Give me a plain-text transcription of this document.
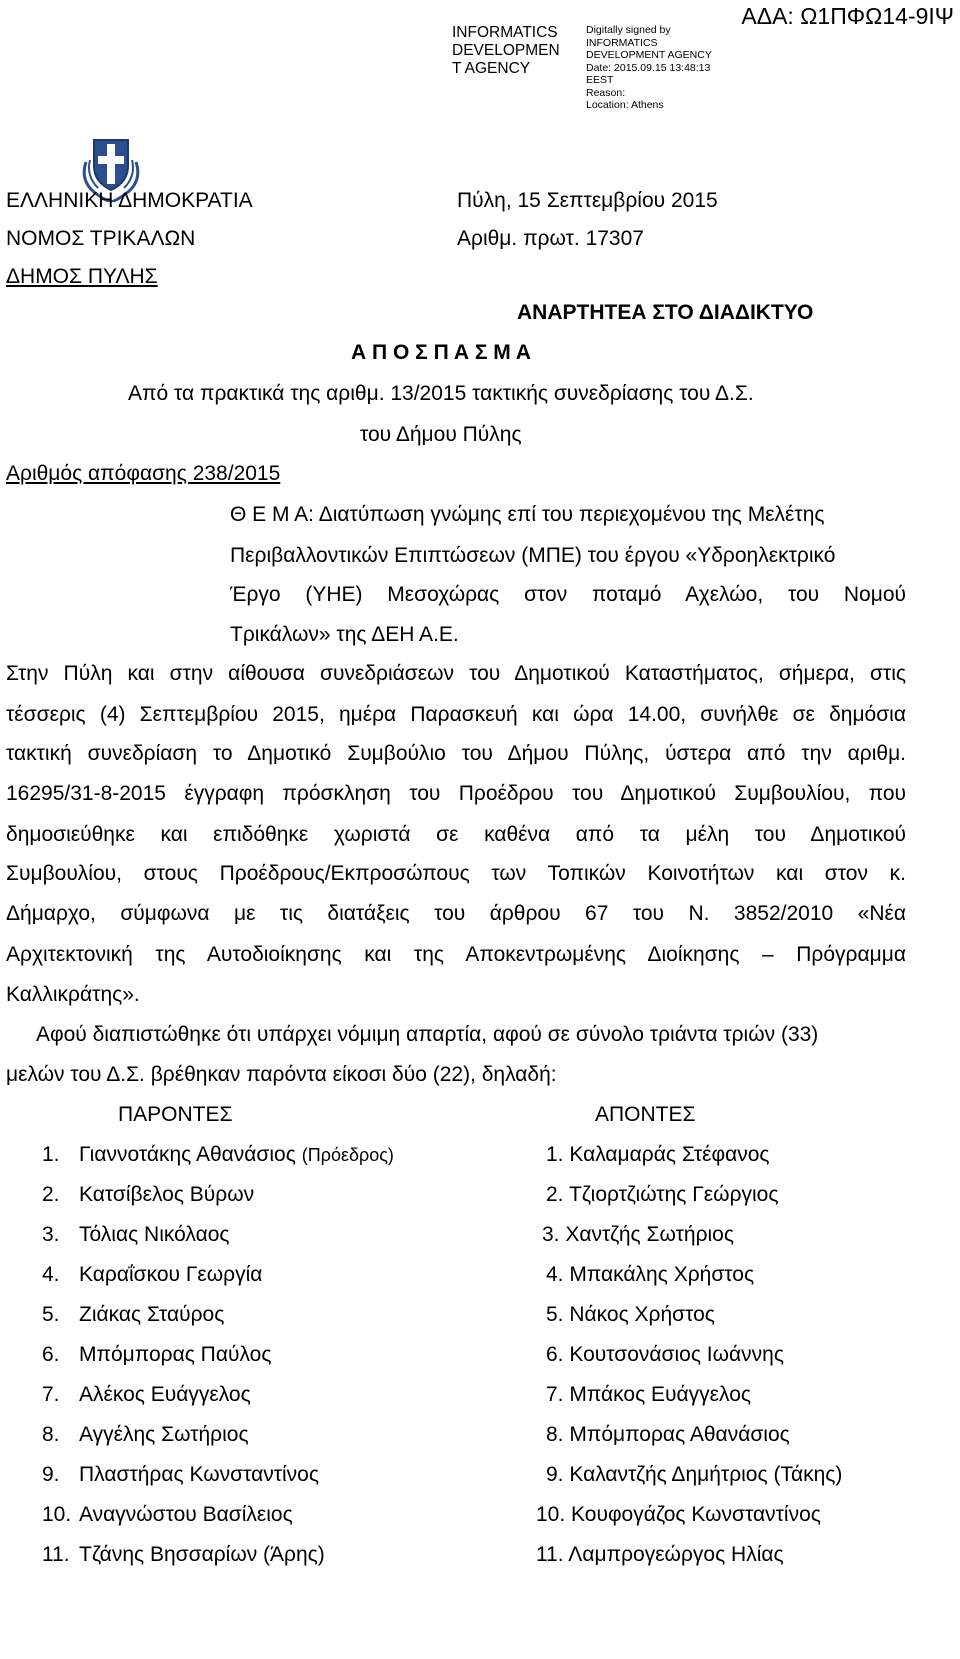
INFORMATICS
DEVELOPMEN
T AGENCY
Digitally signed by
INFORMATICS
DEVELOPMENT AGENCY
Date: 2015.09.15 13:48:13
EEST
Reason:
Location: Athens
ΑΔΑ: Ω1ΠΦΩ14-9ΙΨ
ΕΛΛΗΝΙΚΗ ΔΗΜΟΚΡΑΤΙΑ
ΝΟΜΟΣ ΤΡΙΚΑΛΩΝ
ΔΗΜΟΣ ΠΥΛΗΣ
Πύλη, 15 Σεπτεμβρίου 2015
Αριθμ. πρωτ. 17307
ΑΝΑΡΤΗΤΕΑ ΣΤΟ ΔΙΑΔΙΚΤΥΟ
Α Π Ο Σ Π Α Σ Μ Α
Από τα πρακτικά της αριθμ. 13/2015 τακτικής συνεδρίασης του Δ.Σ.
του Δήμου Πύλης
Αριθμός απόφασης 238/2015
Θ Ε Μ Α: Διατύπωση γνώμης επί του περιεχομένου της Μελέτης
Περιβαλλοντικών Επιπτώσεων (ΜΠΕ) του έργου «Υδροηλεκτρικό
Έργο (ΥΗΕ) Μεσοχώρας στον ποταμό Αχελώο, του Νομού
Τρικάλων» της ΔΕΗ Α.Ε.
Στην Πύλη και στην αίθουσα συνεδριάσεων του Δημοτικού Καταστήματος, σήμερα, στις
τέσσερις (4) Σεπτεμβρίου 2015, ημέρα Παρασκευή και ώρα 14.00, συνήλθε σε δημόσια
τακτική συνεδρίαση το Δημοτικό Συμβούλιο του Δήμου Πύλης, ύστερα από την αριθμ.
16295/31-8-2015 έγγραφη πρόσκληση του Προέδρου του Δημοτικού Συμβουλίου, που
δημοσιεύθηκε και επιδόθηκε χωριστά σε καθένα από τα μέλη του Δημοτικού
Συμβουλίου, στους Προέδρους/Εκπροσώπους των Τοπικών Κοινοτήτων και στον κ.
Δήμαρχο, σύμφωνα με τις διατάξεις του άρθρου 67 του Ν. 3852/2010 «Νέα
Αρχιτεκτονική της Αυτοδιοίκησης και της Αποκεντρωμένης Διοίκησης – Πρόγραμμα
Καλλικράτης».
Αφού διαπιστώθηκε ότι υπάρχει νόμιμη απαρτία, αφού σε σύνολο τριάντα τριών (33)
μελών του Δ.Σ. βρέθηκαν παρόντα είκοσι δύο (22), δηλαδή:
ΠΑΡΟΝΤΕΣ	ΑΠΟΝΤΕΣ
1. Γιαννοτάκης Αθανάσιος (Πρόεδρος)
2. Κατσίβελος Βύρων
3. Τόλιας Νικόλαος
4. Καραΐσκου Γεωργία
5. Ζιάκας Σταύρος
6. Μπόμπορας Παύλος
7. Αλέκος Ευάγγελος
8. Αγγέλης Σωτήριος
9. Πλαστήρας Κωνσταντίνος
10. Αναγνώστου Βασίλειος
11. Τζάνης Βησσαρίων (Άρης)
1. Καλαμαράς Στέφανος
2. Τζιορτζιώτης Γεώργιος
3. Χαντζής Σωτήριος
4. Μπακάλης Χρήστος
5. Νάκος Χρήστος
6. Κουτσονάσιος Ιωάννης
7. Μπάκος Ευάγγελος
8. Μπόμπορας Αθανάσιος
9. Καλαντζής Δημήτριος (Τάκης)
10. Κουφογάζος Κωνσταντίνος
11. Λαμπρογεώργος Ηλίας
